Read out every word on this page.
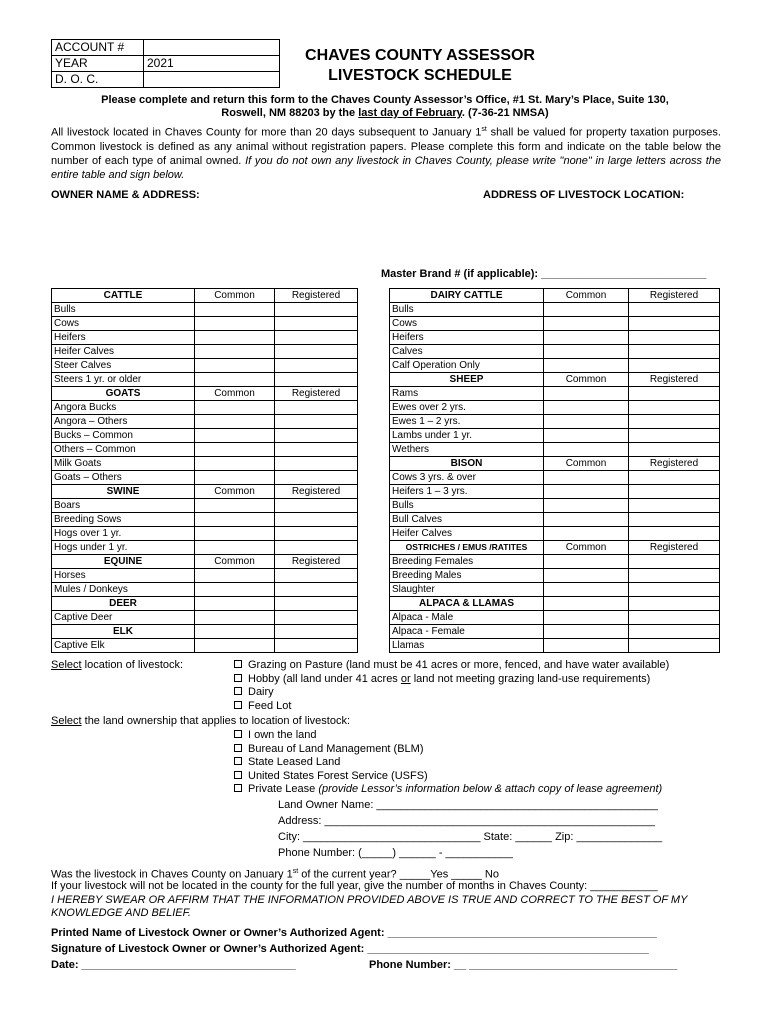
ACCOUNT #	
YEAR	2021
D. O. C.	
CHAVES COUNTY ASSESSOR
LIVESTOCK SCHEDULE
Please complete and return this form to the Chaves County Assessor’s Office, #1 St. Mary’s Place, Suite 130,
Roswell, NM 88203 by the last day of February. (7-36-21 NMSA)
All livestock located in Chaves County for more than 20 days subsequent to January 1st shall be valued for property taxation purposes. Common livestock is defined as any animal without registration papers. Please complete this form and indicate on the table below the number of each type of animal owned. If you do not own any livestock in Chaves County, please write "none" in large letters across the entire table and sign below.
OWNER NAME & ADDRESS:	ADDRESS OF LIVESTOCK LOCATION:
Master Brand # (if applicable): ___________________________
CATTLE	Common	Registered
Bulls		
Cows		
Heifers		
Heifer Calves		
Steer Calves		
Steers 1 yr. or older		
GOATS	Common	Registered
Angora Bucks		
Angora – Others		
Bucks – Common		
Others – Common		
Milk Goats		
Goats – Others		
SWINE	Common	Registered
Boars		
Breeding Sows		
Hogs over 1 yr.		
Hogs under 1 yr.		
EQUINE	Common	Registered
Horses		
Mules / Donkeys		
DEER		
Captive Deer		
ELK		
Captive Elk		
DAIRY CATTLE	Common	Registered
Bulls		
Cows		
Heifers		
Calves		
Calf Operation Only		
SHEEP	Common	Registered
Rams		
Ewes over 2 yrs.		
Ewes 1 – 2 yrs.		
Lambs under 1 yr.		
Wethers		
BISON	Common	Registered
Cows 3 yrs. & over		
Heifers 1 – 3 yrs.		
Bulls		
Bull Calves		
Heifer Calves		
OSTRICHES / EMUS /RATITES	Common	Registered
Breeding Females		
Breeding Males		
Slaughter		
ALPACA & LLAMAS		
Alpaca - Male		
Alpaca - Female		
Llamas		
Select location of livestock:	Grazing on Pasture (land must be 41 acres or more, fenced, and have water available)
Hobby (all land under 41 acres or land not meeting grazing land-use requirements)
Dairy
Feed Lot
Select the land ownership that applies to location of livestock:
I own the land
Bureau of Land Management (BLM)
State Leased Land
United States Forest Service (USFS)
Private Lease (provide Lessor’s information below & attach copy of lease agreement)
Land Owner Name: ______________________________________________
Address: ______________________________________________________
City: _____________________________ State: ______ Zip: ______________
Phone Number: (_____) ______ - ___________
Was the livestock in Chaves County on January 1st of the current year? _____Yes _____ No
If your livestock will not be located in the county for the full year, give the number of months in Chaves County: ___________
I HEREBY SWEAR OR AFFIRM THAT THE INFORMATION PROVIDED ABOVE IS TRUE AND CORRECT TO THE BEST OF MY KNOWLEDGE AND BELIEF.
Printed Name of Livestock Owner or Owner’s Authorized Agent: ____________________________________________
Signature of Livestock Owner or Owner’s Authorized Agent: ______________________________________________
Date: ___________________________________	Phone Number: __ __________________________________
